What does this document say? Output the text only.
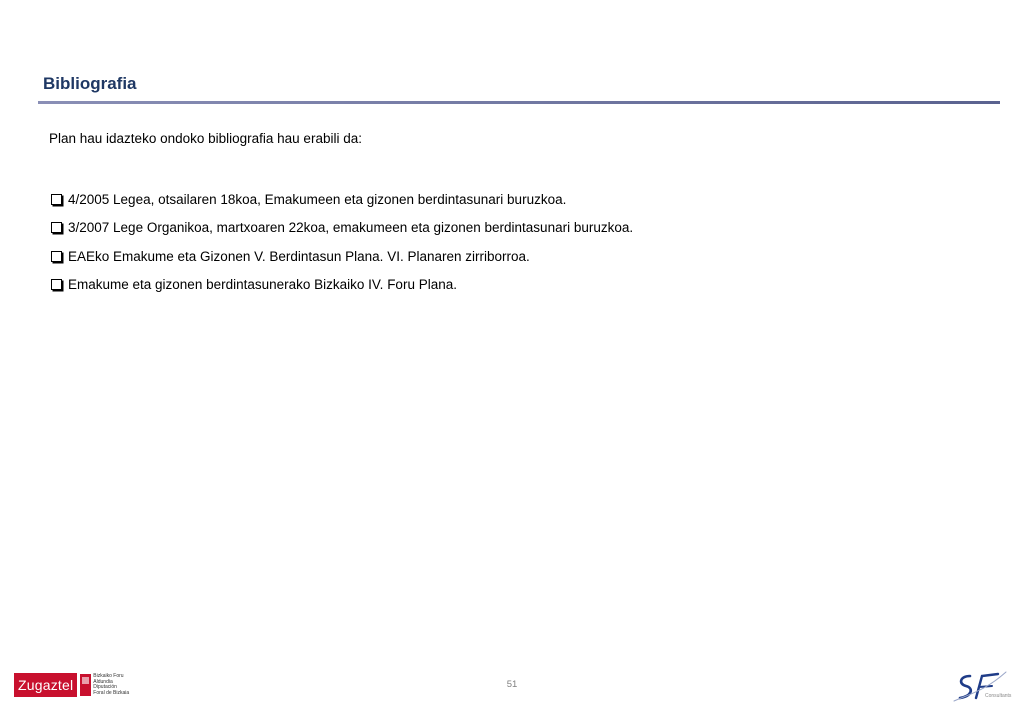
Bibliografia
Plan hau idazteko ondoko bibliografia hau erabili da:
4/2005 Legea, otsailaren 18koa, Emakumeen eta gizonen berdintasunari buruzkoa.
3/2007 Lege Organikoa, martxoaren 22koa, emakumeen eta gizonen berdintasunari buruzkoa.
EAEko Emakume eta Gizonen V. Berdintasun Plana. VI. Planaren zirriborroa.
Emakume eta gizonen berdintasunerako Bizkaiko IV. Foru Plana.
Zugaztel
Bizkaiko Foru
Aldundia
Diputación
Foral de Bizkaia
51
Consultants
